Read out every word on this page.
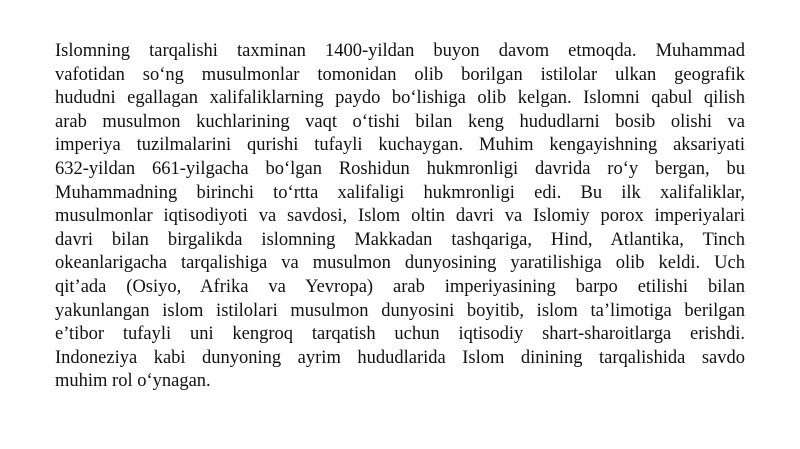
Islomning tarqalishi taxminan 1400-yildan buyon davom etmoqda. Muhammad
vafotidan so‘ng musulmonlar tomonidan olib borilgan istilolar ulkan geografik
hududni egallagan xalifaliklarning paydo bo‘lishiga olib kelgan. Islomni qabul qilish
arab musulmon kuchlarining vaqt o‘tishi bilan keng hududlarni bosib olishi va
imperiya tuzilmalarini qurishi tufayli kuchaygan. Muhim kengayishning aksariyati
632-yildan 661-yilgacha bo‘lgan Roshidun hukmronligi davrida ro‘y bergan, bu
Muhammadning birinchi to‘rtta xalifaligi hukmronligi edi. Bu ilk xalifaliklar,
musulmonlar iqtisodiyoti va savdosi, Islom oltin davri va Islomiy porox imperiyalari
davri bilan birgalikda islomning Makkadan tashqariga, Hind, Atlantika, Tinch
okeanlarigacha tarqalishiga va musulmon dunyosining yaratilishiga olib keldi. Uch
qit’ada (Osiyo, Afrika va Yevropa) arab imperiyasining barpo etilishi bilan
yakunlangan islom istilolari musulmon dunyosini boyitib, islom ta’limotiga berilgan
e’tibor tufayli uni kengroq tarqatish uchun iqtisodiy shart-sharoitlarga erishdi.
Indoneziya kabi dunyoning ayrim hududlarida Islom dinining tarqalishida savdo
muhim rol o‘ynagan.
